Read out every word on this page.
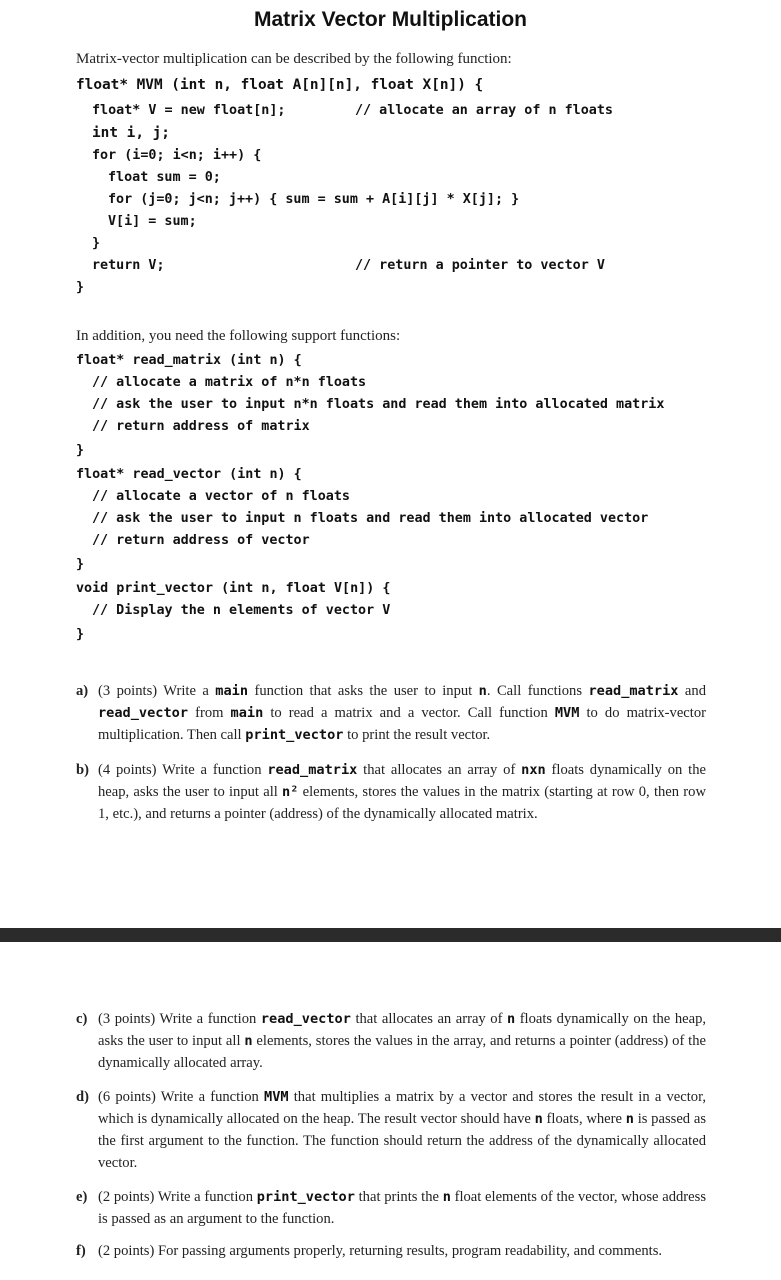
Matrix Vector Multiplication
Matrix-vector multiplication can be described by the following function:
float* MVM (int n, float A[n][n], float X[n]) {
float* V = new float[n];	// allocate an array of n floats
int i, j;
for (i=0; i<n; i++) {
float sum = 0;
for (j=0; j<n; j++) { sum = sum + A[i][j] * X[j]; }
V[i] = sum;
}
return V;	// return a pointer to vector V
}
In addition, you need the following support functions:
float* read_matrix (int n) {
// allocate a matrix of n*n floats
// ask the user to input n*n floats and read them into allocated matrix
// return address of matrix
}
float* read_vector (int n) {
// allocate a vector of n floats
// ask the user to input n floats and read them into allocated vector
// return address of vector
}
void print_vector (int n, float V[n]) {
// Display the n elements of vector V
}
a) (3 points) Write a main function that asks the user to input n. Call functions read_matrix and read_vector from main to read a matrix and a vector. Call function MVM to do matrix-vector multiplication. Then call print_vector to print the result vector.
b) (4 points) Write a function read_matrix that allocates an array of nxn floats dynamically on the heap, asks the user to input all n² elements, stores the values in the matrix (starting at row 0, then row 1, etc.), and returns a pointer (address) of the dynamically allocated matrix.
c) (3 points) Write a function read_vector that allocates an array of n floats dynamically on the heap, asks the user to input all n elements, stores the values in the array, and returns a pointer (address) of the dynamically allocated array.
d) (6 points) Write a function MVM that multiplies a matrix by a vector and stores the result in a vector, which is dynamically allocated on the heap. The result vector should have n floats, where n is passed as the first argument to the function. The function should return the address of the dynamically allocated vector.
e) (2 points) Write a function print_vector that prints the n float elements of the vector, whose address is passed as an argument to the function.
f) (2 points) For passing arguments properly, returning results, program readability, and comments.
